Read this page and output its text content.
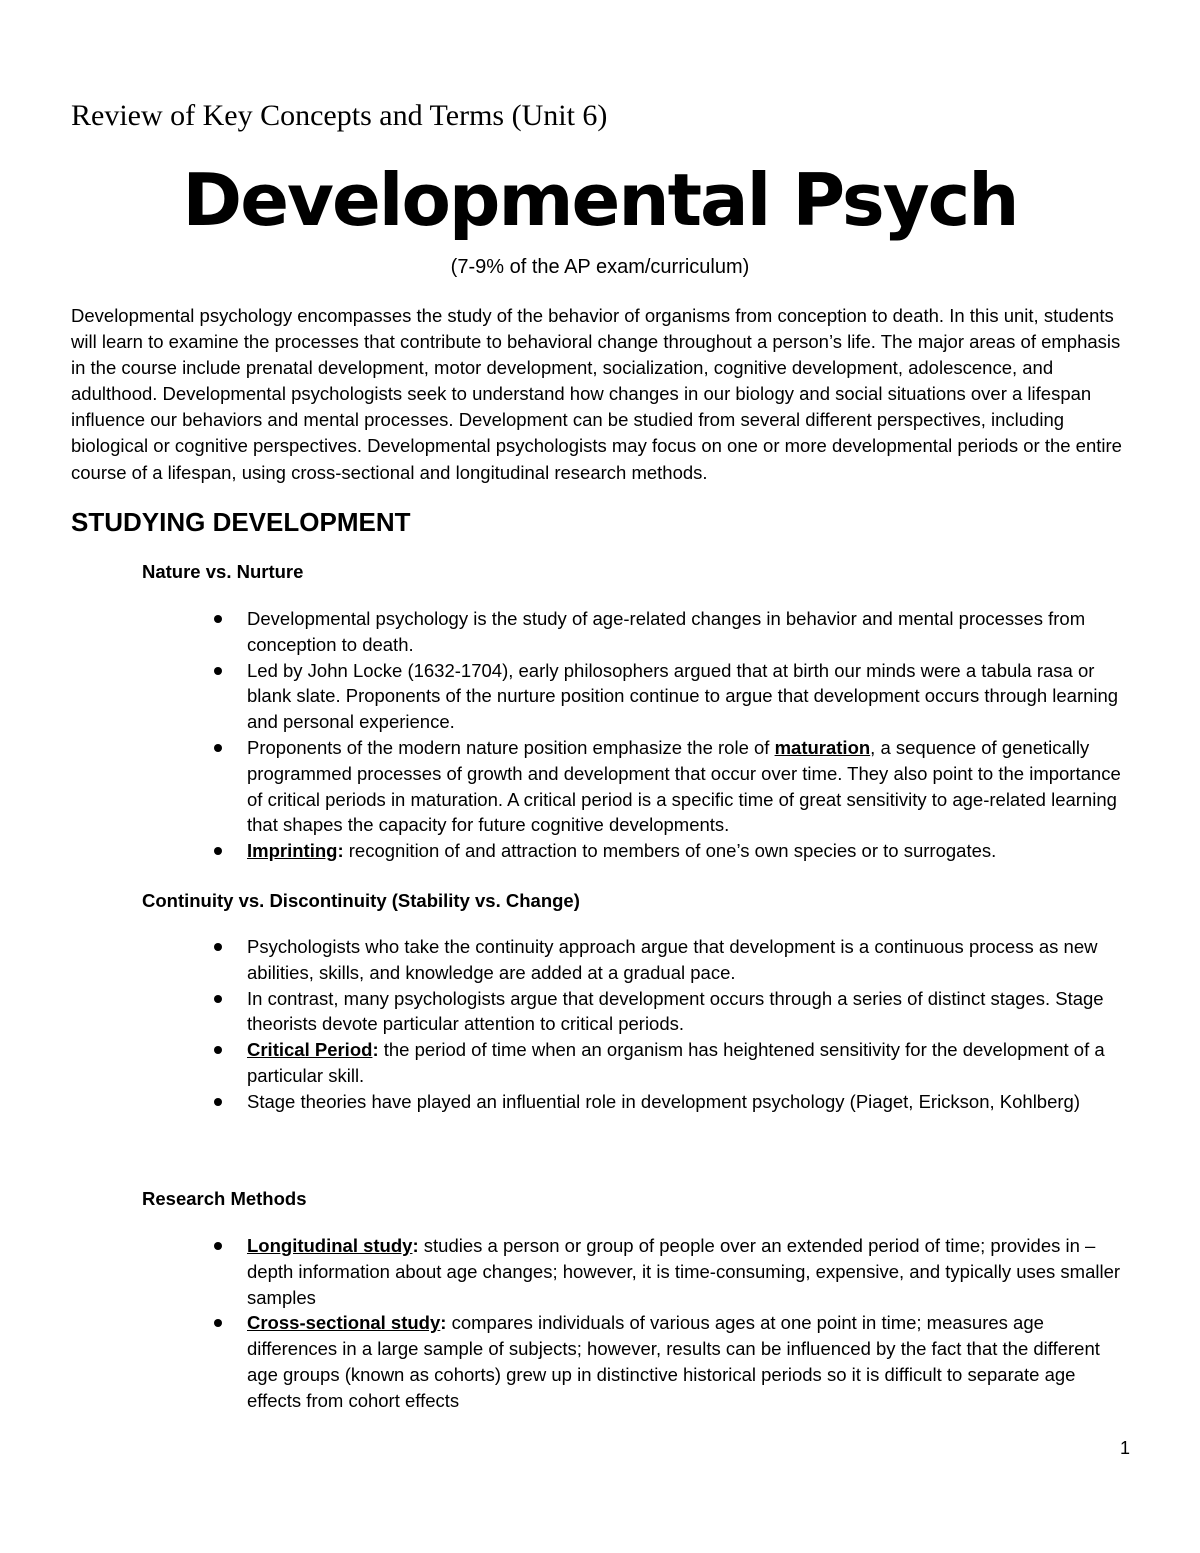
Review of Key Concepts and Terms (Unit 6)
Developmental Psych

(7-9% of the AP exam/curriculum)

Developmental psychology encompasses the study of the behavior of organisms from conception to death. In this unit, students will learn to examine the processes that contribute to behavioral change throughout a person’s life. The major areas of emphasis in the course include prenatal development, motor development, socialization, cognitive development, adolescence, and adulthood. Developmental psychologists seek to understand how changes in our biology and social situations over a lifespan influence our behaviors and mental processes. Development can be studied from several different perspectives, including biological or cognitive perspectives. Developmental psychologists may focus on one or more developmental periods or the entire course of a lifespan, using cross-sectional and longitudinal research methods.

STUDYING DEVELOPMENT
Nature vs. Nurture
Developmental psychology is the study of age-related changes in behavior and mental processes from conception to death.
Led by John Locke (1632-1704), early philosophers argued that at birth our minds were a tabula rasa or blank slate. Proponents of the nurture position continue to argue that development occurs through learning and personal experience.
Proponents of the modern nature position emphasize the role of maturation, a sequence of genetically programmed processes of growth and development that occur over time. They also point to the importance of critical periods in maturation. A critical period is a specific time of great sensitivity to age-related learning that shapes the capacity for future cognitive developments.
Imprinting: recognition of and attraction to members of one’s own species or to surrogates.
Continuity vs. Discontinuity (Stability vs. Change)
Psychologists who take the continuity approach argue that development is a continuous process as new abilities, skills, and knowledge are added at a gradual pace.
In contrast, many psychologists argue that development occurs through a series of distinct stages. Stage theorists devote particular attention to critical periods.
Critical Period: the period of time when an organism has heightened sensitivity for the development of a particular skill.
Stage theories have played an influential role in development psychology (Piaget, Erickson, Kohlberg)
Research Methods
Longitudinal study: studies a person or group of people over an extended period of time; provides in –depth information about age changes; however, it is time-consuming, expensive, and typically uses smaller samples
Cross-sectional study: compares individuals of various ages at one point in time; measures age differences in a large sample of subjects; however, results can be influenced by the fact that the different age groups (known as cohorts) grew up in distinctive historical periods so it is difficult to separate age effects from cohort effects
1
